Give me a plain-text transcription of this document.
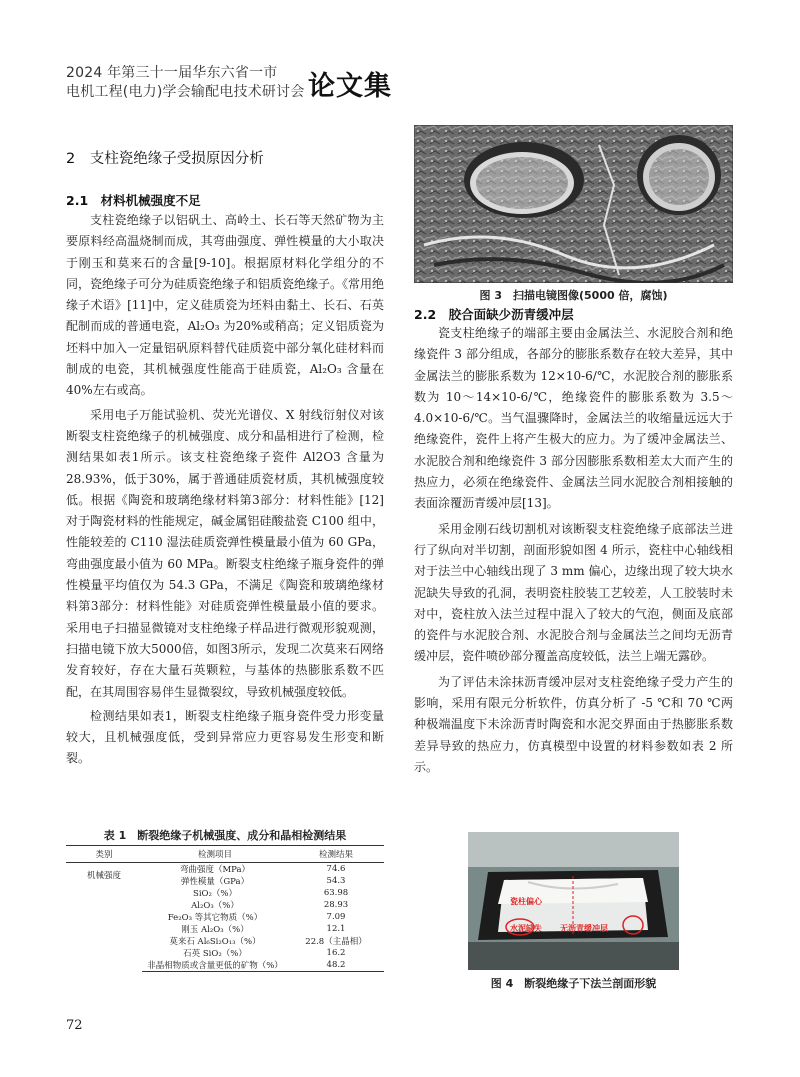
2024 年第三十一届华东六省一市
电机工程(电力)学会输配电技术研讨会 论文集
2　支柱瓷绝缘子受损原因分析
2.1　材料机械强度不足

支柱瓷绝缘子以铝矾土、高岭土、长石等天然矿物为主要原料经高温烧制而成，其弯曲强度、弹性模量的大小取决于刚玉和莫来石的含量[9-10]。根据原材料化学组分的不同，瓷绝缘子可分为硅质瓷绝缘子和铝质瓷绝缘子。《常用绝缘子术语》[11]中，定义硅质瓷为坯料由黏土、长石、石英配制而成的普通电瓷，Al₂O₃ 为20%或稍高；定义铝质瓷为坯料中加入一定量铝矾原料替代硅质瓷中部分氧化硅材料而制成的电瓷，其机械强度性能高于硅质瓷，Al₂O₃ 含量在40%左右或高。

采用电子万能试验机、荧光光谱仪、X 射线衍射仪对该断裂支柱瓷绝缘子的机械强度、成分和晶相进行了检测，检测结果如表1所示。该支柱瓷绝缘子瓷件 Al2O3 含量为28.93%，低于30%，属于普通硅质瓷材质，其机械强度较低。根据《陶瓷和玻璃绝缘材料第3部分：材料性能》[12]对于陶瓷材料的性能规定，碱金属铝硅酸盐瓷 C100 组中，性能较差的 C110 湿法硅质瓷弹性模量最小值为 60 GPa，弯曲强度最小值为 60 MPa。断裂支柱绝缘子瓶身瓷件的弹性模量平均值仅为 54.3 GPa，不满足《陶瓷和玻璃绝缘材料第3部分：材料性能》对硅质瓷弹性模量最小值的要求。采用电子扫描显微镜对支柱绝缘子样品进行微观形貌观测，扫描电镜下放大5000倍，如图3所示，发现二次莫来石网络发育较好，存在大量石英颗粒，与基体的热膨胀系数不匹配，在其周围容易伴生显微裂纹，导致机械强度较低。

检测结果如表1，断裂支柱绝缘子瓶身瓷件受力形变量较大，且机械强度低，受到异常应力更容易发生形变和断裂。

表 1　断裂绝缘子机械强度、成分和晶相检测结果
类别	检测项目	检测结果
机械强度	弯曲强度（MPa）	74.6
	弹性模量（GPa）	54.3
	SiO₂（%）	63.98
	Al₂O₃（%）	28.93
	Fe₂O₃ 等其它物质（%）	7.09
	刚玉 Al₂O₃（%）	12.1
	莫来石 Al₆Si₂O₁₃（%）	22.8（主晶相）
	石英 SiO₂（%）	16.2
	非晶相物质或含量更低的矿物（%）	48.2
72
图 3　扫描电镜图像(5000 倍，腐蚀)
2.2　胶合面缺少沥青缓冲层

瓷支柱绝缘子的端部主要由金属法兰、水泥胶合剂和绝缘瓷件 3 部分组成，各部分的膨胀系数存在较大差异，其中金属法兰的膨胀系数为 12×10-6/℃，水泥胶合剂的膨胀系数为 10～14×10-6/℃，绝缘瓷件的膨胀系数为 3.5～4.0×10-6/℃。当气温骤降时，金属法兰的收缩量远远大于绝缘瓷件，瓷件上将产生极大的应力。为了缓冲金属法兰、水泥胶合剂和绝缘瓷件 3 部分因膨胀系数相差太大而产生的热应力，必须在绝缘瓷件、金属法兰同水泥胶合剂相接触的表面涂覆沥青缓冲层[13]。

采用金刚石线切割机对该断裂支柱瓷绝缘子底部法兰进行了纵向对半切割，剖面形貌如图 4 所示，瓷柱中心轴线相对于法兰中心轴线出现了 3 mm 偏心，边缘出现了较大块水泥缺失导致的孔洞，表明瓷柱胶装工艺较差，人工胶装时未对中，瓷柱放入法兰过程中混入了较大的气泡，侧面及底部的瓷件与水泥胶合剂、水泥胶合剂与金属法兰之间均无沥青缓冲层，瓷件喷砂部分覆盖高度较低，法兰上端无露砂。

为了评估未涂抹沥青缓冲层对支柱瓷绝缘子受力产生的影响，采用有限元分析软件，仿真分析了 -5 ℃和 70 ℃两种极端温度下未涂沥青时陶瓷和水泥交界面由于热膨胀系数差异导致的热应力，仿真模型中设置的材料参数如表 2 所示。

瓷柱偏心
水泥缺失 无沥青缓冲层
图 4　断裂绝缘子下法兰剖面形貌
